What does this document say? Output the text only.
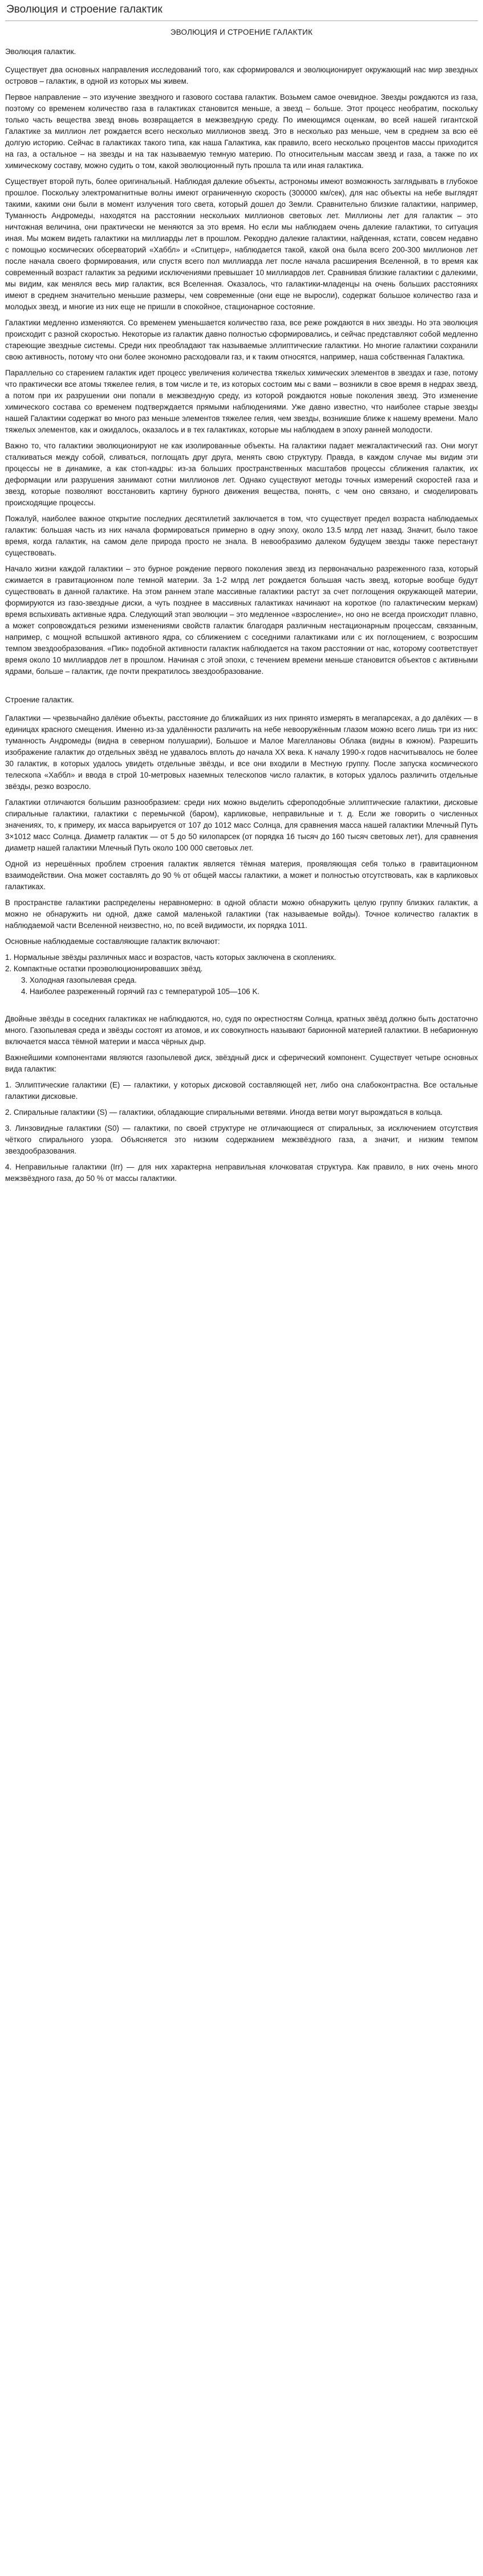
Эволюция и строение галактик
ЭВОЛЮЦИЯ И СТРОЕНИЕ ГАЛАКТИК
Эволюция галактик.

Существует два основных направления исследований того, как сформировался и эволюционирует окружающий нас мир звездных островов – галактик, в одной из которых мы живем.

Первое направление – это изучение звездного и газового состава галактик. Возьмем самое очевидное. Звезды рождаются из газа, поэтому со временем количество газа в галактиках становится меньше, а звезд – больше. Этот процесс необратим, поскольку только часть вещества звезд вновь возвращается в межзвездную среду. По имеющимся оценкам, во всей нашей гигантской Галактике за миллион лет рождается всего несколько миллионов звезд. Это в несколько раз меньше, чем в среднем за всю её долгую историю. Сейчас в галактиках такого типа, как наша Галактика, как правило, всего несколько процентов массы приходится на газ, а остальное – на звезды и на так называемую темную материю. По относительным массам звезд и газа, а также по их химическому составу, можно судить о том, какой эволюционный путь прошла та или иная галактика.

Существует второй путь, более оригинальный. Наблюдая далекие объекты, астрономы имеют возможность заглядывать в глубокое прошлое. Поскольку электромагнитные волны имеют ограниченную скорость (300000 км/сек), для нас объекты на небе выглядят такими, какими они были в момент излучения того света, который дошел до Земли. Сравнительно близкие галактики, например, Туманность Андромеды, находятся на расстоянии нескольких миллионов световых лет. Миллионы лет для галактик – это ничтожная величина, они практически не меняются за это время. Но если мы наблюдаем очень далекие галактики, то ситуация иная. Мы можем видеть галактики на миллиарды лет в прошлом. Рекордно далекие галактики, найденная, кстати, совсем недавно с помощью космических обсерваторий «Хаббл» и «Спитцер», наблюдается такой, какой она была всего 200-300 миллионов лет после начала своего формирования, или спустя всего пол миллиарда лет после начала расширения Вселенной, в то время как современный возраст галактик за редкими исключениями превышает 10 миллиардов лет. Сравнивая близкие галактики с далекими, мы видим, как менялся весь мир галактик, вся Вселенная. Оказалось, что галактики-младенцы на очень больших расстояниях имеют в среднем значительно меньшие размеры, чем современные (они еще не выросли), содержат большое количество газа и молодых звезд, и многие из них еще не пришли в спокойное, стационарное состояние.

Галактики медленно изменяются. Со временем уменьшается количество газа, все реже рождаются в них звезды. Но эта эволюция происходит с разной скоростью. Некоторые из галактик давно полностью сформировались, и сейчас представляют собой медленно стареющие звездные системы. Среди них преобладают так называемые эллиптические галактики. Но многие галактики сохранили свою активность, потому что они более экономно расходовали газ, и к таким относятся, например, наша собственная Галактика.

Параллельно со старением галактик идет процесс увеличения количества тяжелых химических элементов в звездах и газе, потому что практически все атомы тяжелее гелия, в том числе и те, из которых состоим мы с вами – возникли в свое время в недрах звезд, а потом при их разрушении они попали в межзвездную среду, из которой рождаются новые поколения звезд. Это изменение химического состава со временем подтверждается прямыми наблюдениями. Уже давно известно, что наиболее старые звезды нашей Галактики содержат во много раз меньше элементов тяжелее гелия, чем звезды, возникшие ближе к нашему времени. Мало тяжелых элементов, как и ожидалось, оказалось и в тех галактиках, которые мы наблюдаем в эпоху ранней молодости.

Важно то, что галактики эволюционируют не как изолированные объекты. На галактики падает межгалактический газ. Они могут сталкиваться между собой, сливаться, поглощать друг друга, менять свою структуру. Правда, в каждом случае мы видим эти процессы не в динамике, а как стоп-кадры: из-за больших пространственных масштабов процессы сближения галактик, их деформации или разрушения занимают сотни миллионов лет. Однако существуют методы точных измерений скоростей газа и звезд, которые позволяют восстановить картину бурного движения вещества, понять, с чем оно связано, и смоделировать происходящие процессы.

Пожалуй, наиболее важное открытие последних десятилетий заключается в том, что существует предел возраста наблюдаемых галактик: большая часть из них начала формироваться примерно в одну эпоху, около 13.5 млрд лет назад. Значит, было такое время, когда галактик, на самом деле природа просто не знала. В невообразимо далеком будущем звезды также перестанут существовать.

Начало жизни каждой галактики – это бурное рождение первого поколения звезд из первоначально разреженного газа, который сжимается в гравитационном поле темной материи. За 1-2 млрд лет рождается большая часть звезд, которые вообще будут существовать в данной галактике. На этом раннем этапе массивные галактики растут за счет поглощения окружающей материи, формируются из газо-звездные диски, а чуть позднее в массивных галактиках начинают на короткое (по галактическим меркам) время вспыхивать активные ядра. Следующий этап эволюции – это медленное «взросление», но оно не всегда происходит плавно, а может сопровождаться резкими изменениями свойств галактик благодаря различным нестационарным процессам, связанным, например, с мощной вспышкой активного ядра, со сближением с соседними галактиками или с их поглощением, с возросшим темпом звездообразования. «Пик» подобной активности галактик наблюдается на таком расстоянии от нас, которому соответствует время около 10 миллиардов лет в прошлом. Начиная с этой эпохи, с течением времени меньше становится объектов с активными ядрами, больше – галактик, где почти прекратилось звездообразование.

Строение галактик.

Галактики — чрезвычайно далёкие объекты, расстояние до ближайших из них принято измерять в мегапарсеках, а до далёких — в единицах красного смещения. Именно из-за удалённости различить на небе невооружённым глазом можно всего лишь три из них: туманность Андромеды (видна в северном полушарии), Большое и Малое Магеллановы Облака (видны в южном). Разрешить изображение галактик до отдельных звёзд не удавалось вплоть до начала XX века. К началу 1990-х годов насчитывалось не более 30 галактик, в которых удалось увидеть отдельные звёзды, и все они входили в Местную группу. После запуска космического телескопа «Хаббл» и ввода в строй 10-метровых наземных телескопов число галактик, в которых удалось различить отдельные звёзды, резко возросло.

Галактики отличаются большим разнообразием: среди них можно выделить сфероподобные эллиптические галактики, дисковые спиральные галактики, галактики с перемычкой (баром), карликовые, неправильные и т. д. Если же говорить о численных значениях, то, к примеру, их масса варьируется от 107 до 1012 масс Солнца, для сравнения масса нашей галактики Млечный Путь 3×1012 масс Солнца. Диаметр галактик — от 5 до 50 килопарсек (от порядка 16 тысяч до 160 тысяч световых лет), для сравнения диаметр нашей галактики Млечный Путь около 100 000 световых лет.

Одной из нерешённых проблем строения галактик является тёмная материя, проявляющая себя только в гравитационном взаимодействии. Она может составлять до 90 % от общей массы галактики, а может и полностью отсутствовать, как в карликовых галактиках.

В пространстве галактики распределены неравномерно: в одной области можно обнаружить целую группу близких галактик, а можно не обнаружить ни одной, даже самой маленькой галактики (так называемые войды). Точное количество галактик в наблюдаемой части Вселенной неизвестно, но, по всей видимости, их порядка 1011.

Основные наблюдаемые составляющие галактик включают:

1. Нормальные звёзды различных масс и возрастов, часть которых заключена в скоплениях.
2. Компактные остатки проэволюционировавших звёзд.
3. Холодная газопылевая среда.
4. Наиболее разреженный горячий газ с температурой 105—106 K.

Двойные звёзды в соседних галактиках не наблюдаются, но, судя по окрестностям Солнца, кратных звёзд должно быть достаточно много. Газопылевая среда и звёзды состоят из атомов, и их совокупность называют барионной материей галактики. В небарионную включается масса тёмной материи и масса чёрных дыр.

Важнейшими компонентами являются газопылевой диск, звёздный диск и сферический компонент. Существует четыре основных вида галактик:

1. Эллиптические галактики (E) — галактики, у которых дисковой составляющей нет, либо она слабоконтрастна. Все остальные галактики дисковые.

2. Спиральные галактики (S) — галактики, обладающие спиральными ветвями. Иногда ветви могут вырождаться в кольца.

3. Линзовидные галактики (S0) — галактики, по своей структуре не отличающиеся от спиральных, за исключением отсутствия чёткого спирального узора. Объясняется это низким содержанием межзвёздного газа, а значит, и низким темпом звездообразования.

4. Неправильные галактики (Irr) — для них характерна неправильная клочковатая структура. Как правило, в них очень много межзвёздного газа, до 50 % от массы галактики.
